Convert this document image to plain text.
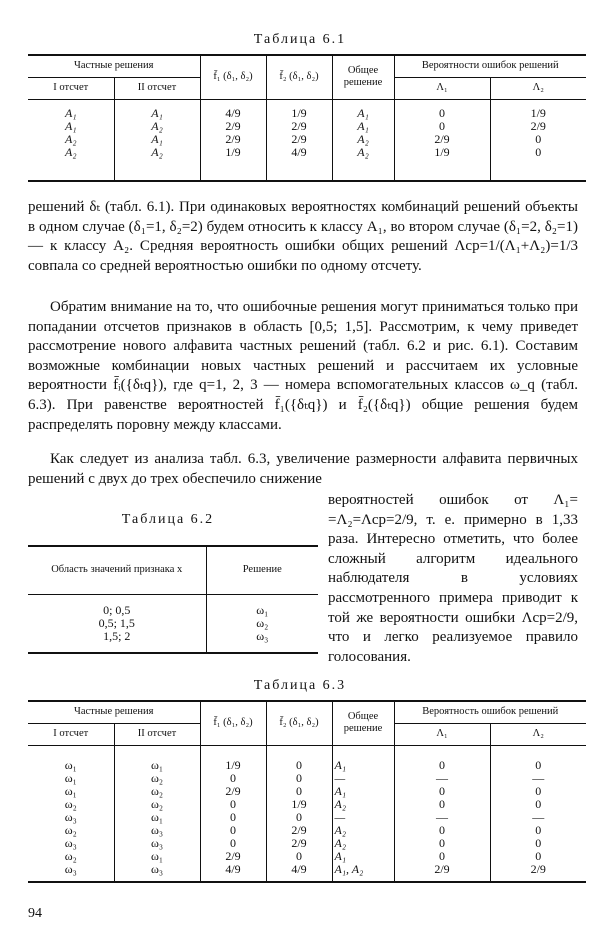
Таблица 6.1
Частные решения		f̄₁ (δ₁, δ₂)	f̄₂ (δ₁, δ₂)	Общее решение	Вероятности ошибок решений	
I отсчет	II отсчет				Λ₁	Λ₂

A₁	A₁	4/9	1/9	A₁	0	1/9
A₁	A₂	2/9	2/9	A₁	0	2/9
A₂	A₁	2/9	2/9	A₂	2/9	0
A₂	A₂	1/9	4/9	A₂	1/9	0

решений δₜ (табл. 6.1). При одинаковых вероятностях комбинаций решений объекты в одном случае (δ₁=1, δ₂=2) будем относить к классу A₁, во втором случае (δ₁=2, δ₂=1) — к классу A₂. Средняя вероятность ошибки общих решений Λср=1/(Λ₁+Λ₂)=1/3 совпала со средней вероятностью ошибки по одному отсчету.

Обратим внимание на то, что ошибочные решения могут приниматься только при попадании отсчетов признаков в область [0,5; 1,5]. Рассмотрим, к чему приведет рассмотрение нового алфавита частных решений (табл. 6.2 и рис. 6.1). Составим возможные комбинации новых частных решений и рассчитаем их условные вероятности f̄ᵢ({δₜq}), где q=1, 2, 3 — номера вспомогательных классов ω_q (табл. 6.3). При равенстве вероятностей f̄₁({δₜq}) и f̄₂({δₜq}) общие решения будем распределять поровну между классами.

Как следует из анализа табл. 6.3, увеличение размерности алфавита первичных решений с двух до трех обеспечило снижение

вероятностей ошибок от Λ₁= =Λ₂=Λср=2/9, т. е. примерно в 1,33 раза. Интересно отметить, что более сложный алгоритм идеального наблюдателя в условиях рассмотренного примера приводит к той же вероятности ошибки Λср=2/9, что и легко реализуемое правило голосования.

Таблица 6.2
Область значений признака x	Решение

0; 0,5	ω₁
0,5; 1,5	ω₂
1,5; 2	ω₃

Таблица 6.3
Частные решения		f̄₁ (δ₁, δ₂)	f̄₂ (δ₁, δ₂)	Общее решение	Вероятность ошибок решений	
I отсчет	II отсчет				Λ₁	Λ₂

ω₁	ω₁	1/9	0	A₁	0	0
ω₁	ω₂	0	0	—	—	—
ω₁	ω₂	2/9	0	A₁	0	0
ω₂	ω₂	0	1/9	A₂	0	0
ω₃	ω₁	0	0	—	—	—
ω₂	ω₃	0	2/9	A₂	0	0
ω₃	ω₃	0	2/9	A₂	0	0
ω₂	ω₁	2/9	0	A₁	0	0
ω₃	ω₃	4/9	4/9	A₁, A₂	2/9	2/9

94
